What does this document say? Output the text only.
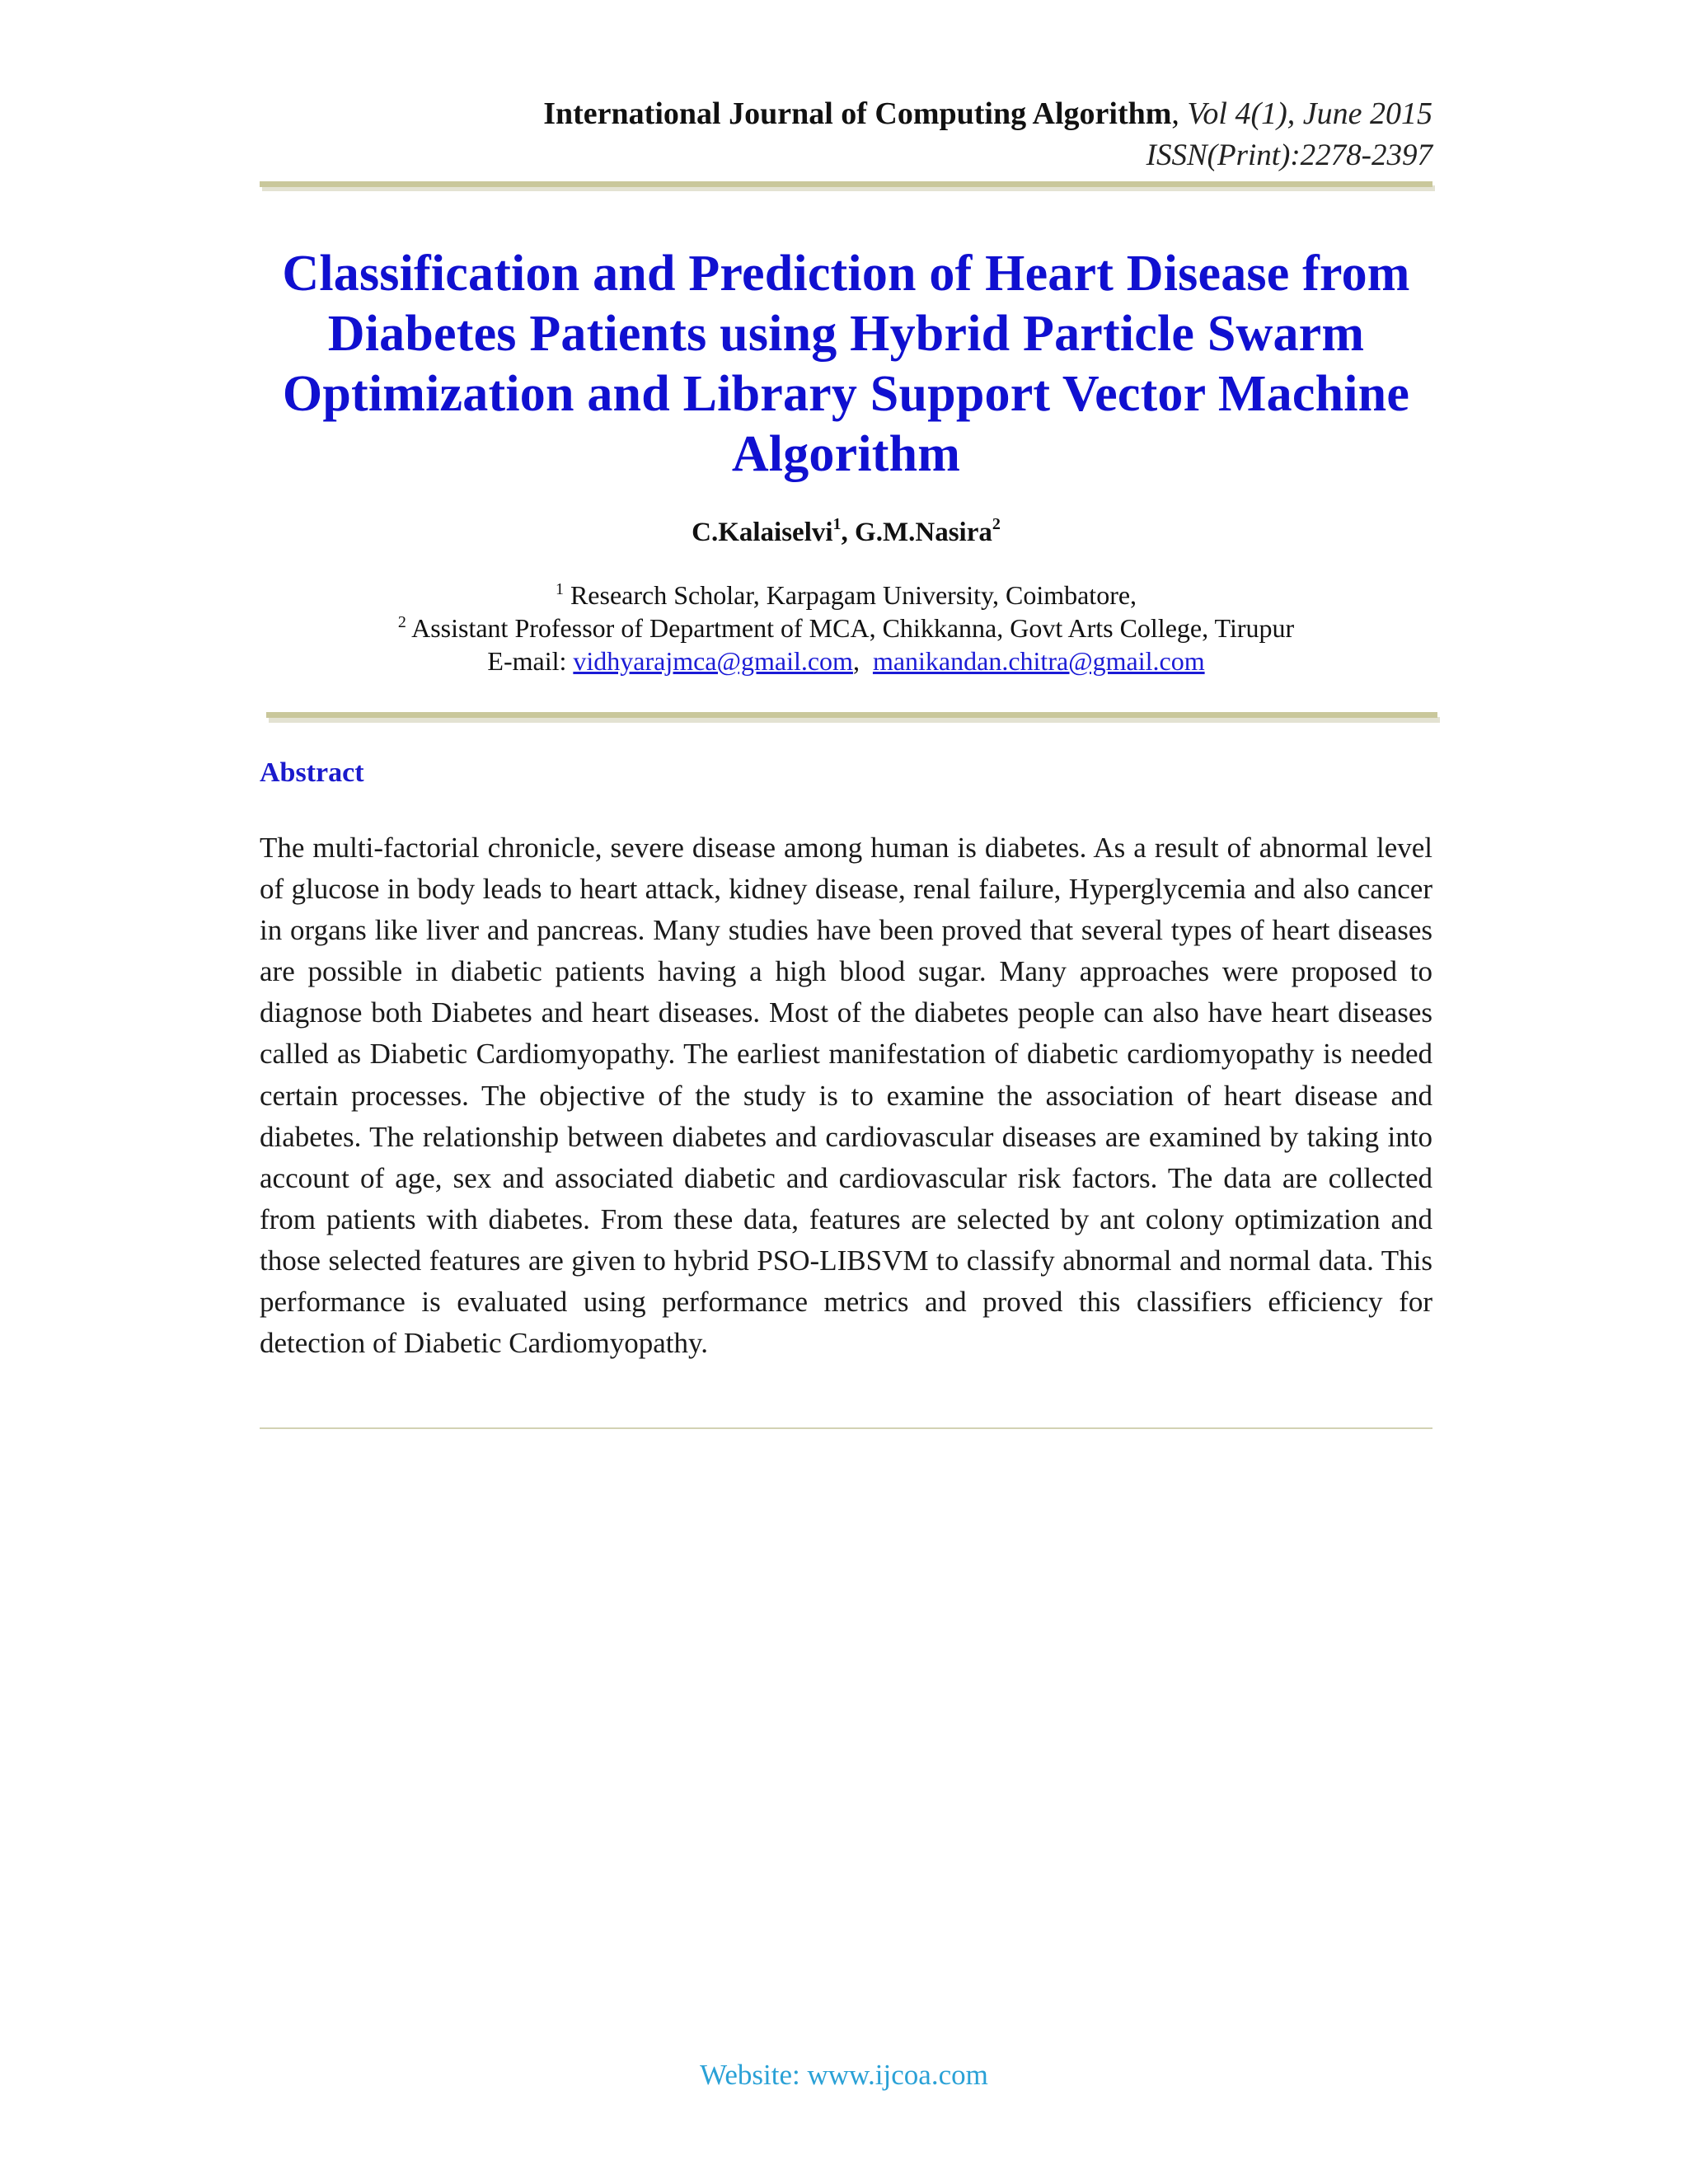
International Journal of Computing Algorithm, Vol 4(1), June 2015
ISSN(Print):2278-2397
Classification and Prediction of Heart Disease from Diabetes Patients using Hybrid Particle Swarm Optimization and Library Support Vector Machine Algorithm
C.Kalaiselvi$^1$, G.M.Nasira$^2$
$^1$ Research Scholar, Karpagam University, Coimbatore,
$^2$ Assistant Professor of Department of MCA, Chikkanna, Govt Arts College, Tirupur
E-mail: vidhyarajmca@gmail.com, manikandan.chitra@gmail.com
Abstract

The multi-factorial chronicle, severe disease among human is diabetes. As a result of abnormal level of glucose in body leads to heart attack, kidney disease, renal failure, Hyperglycemia and also cancer in organs like liver and pancreas. Many studies have been proved that several types of heart diseases are possible in diabetic patients having a high blood sugar. Many approaches were proposed to diagnose both Diabetes and heart diseases. Most of the diabetes people can also have heart diseases called as Diabetic Cardiomyopathy. The earliest manifestation of diabetic cardiomyopathy is needed certain processes. The objective of the study is to examine the association of heart disease and diabetes. The relationship between diabetes and cardiovascular diseases are examined by taking into account of age, sex and associated diabetic and cardiovascular risk factors. The data are collected from patients with diabetes. From these data, features are selected by ant colony optimization and those selected features are given to hybrid PSO-LIBSVM to classify abnormal and normal data. This performance is evaluated using performance metrics and proved this classifiers efficiency for detection of Diabetic Cardiomyopathy.

Website: www.ijcoa.com
